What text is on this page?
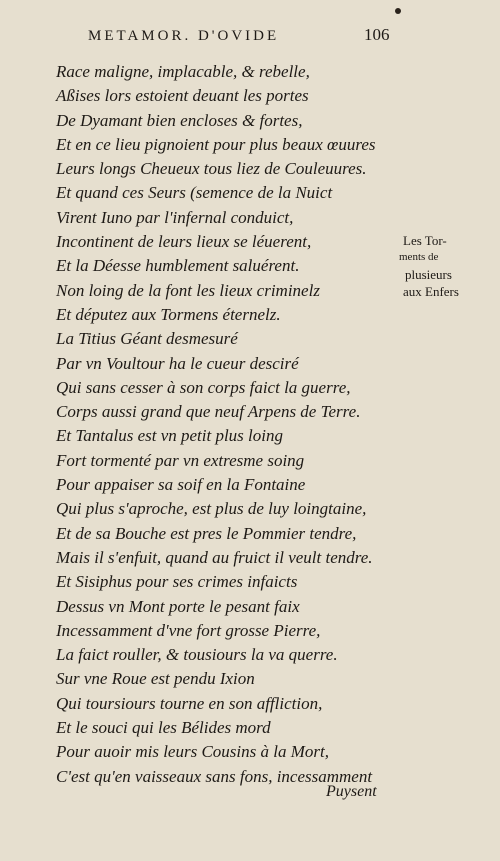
METAMOR. D'OVIDE	106
Race maligne, implacable, & rebelle,
Aßises lors estoient deuant les portes
De Dyamant bien encloses & fortes,
Et en ce lieu pignoient pour plus beaux œuures
Leurs longs Cheueux tous liez de Couleuures.
Et quand ces Seurs (semence de la Nuict
Virent Iuno par l'infernal conduict,
Incontinent de leurs lieux se léuerent,
Et la Déesse humblement saluérent.
Non loing de la font les lieux criminelz
Et députez aux Tormens éternelz.
La Titius Géant desmesuré
Par vn Voultour ha le cueur desciré
Qui sans cesser à son corps faict la guerre,
Corps aussi grand que neuf Arpens de Terre.
Et Tantalus est vn petit plus loing
Fort tormenté par vn extresme soing
Pour appaiser sa soif en la Fontaine
Qui plus s'aproche, est plus de luy loingtaine,
Et de sa Bouche est pres le Pommier tendre,
Mais il s'enfuit, quand au fruict il veult tendre.
Et Sisiphus pour ses crimes infaicts
Dessus vn Mont porte le pesant faix
Incessamment d'vne fort grosse Pierre,
La faict rouller, & tousiours la va querre.
Sur vne Roue est pendu Ixion
Qui toursiours tourne en son affliction,
Et le souci qui les Bélides mord
Pour auoir mis leurs Cousins à la Mort,
C'est qu'en vaisseaux sans fons, incessamment
Puysent
Les Tor-
ments de
plusieurs
aux Enfers
